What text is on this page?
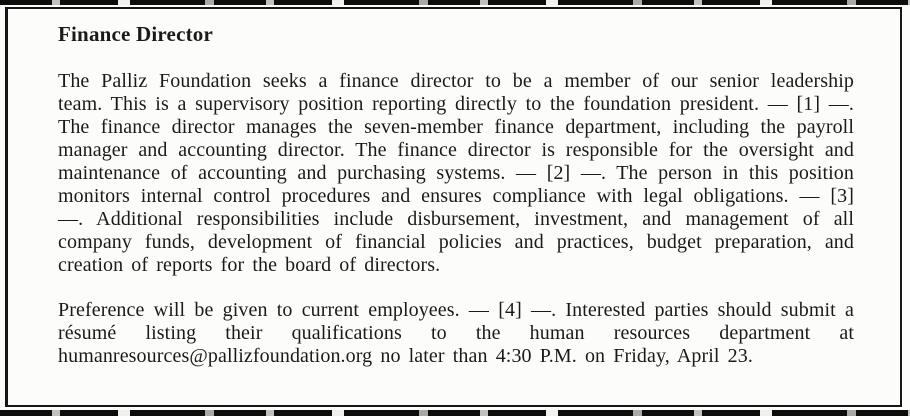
Finance Director

The Palliz Foundation seeks a finance director to be a member of our senior leadership team. This is a supervisory position reporting directly to the foundation president. — [1] —. The finance director manages the seven-member finance department, including the payroll manager and accounting director. The finance director is responsible for the oversight and maintenance of accounting and purchasing systems. — [2] —. The person in this position monitors internal control procedures and ensures compliance with legal obligations. — [3] —. Additional responsibilities include disbursement, investment, and management of all company funds, development of financial policies and practices, budget preparation, and creation of reports for the board of directors.

Preference will be given to current employees. — [4] —. Interested parties should submit a résumé listing their qualifications to the human resources department at humanresources@pallizfoundation.org no later than 4:30 P.M. on Friday, April 23.
